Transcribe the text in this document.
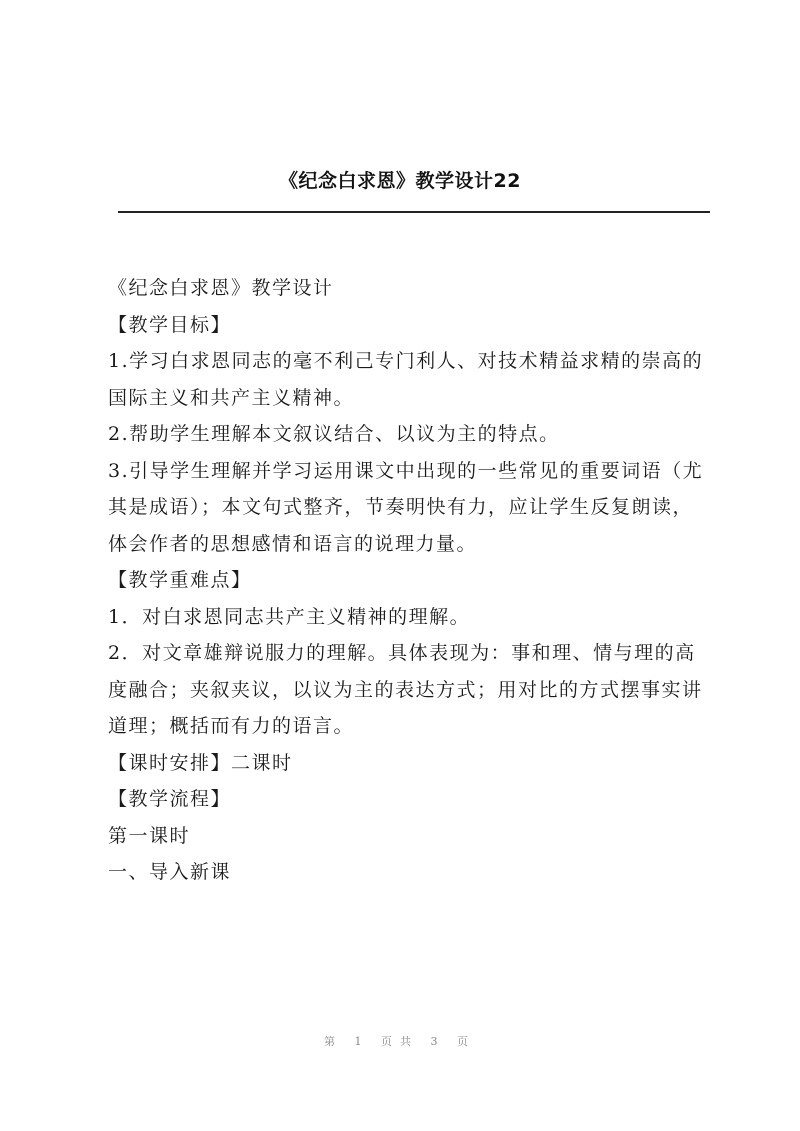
《纪念白求恩》教学设计22

《纪念白求恩》教学设计

【教学目标】

1.学习白求恩同志的毫不利己专门利人、对技术精益求精的崇高的国际主义和共产主义精神。

2.帮助学生理解本文叙议结合、以议为主的特点。

3.引导学生理解并学习运用课文中出现的一些常见的重要词语（尤其是成语）；本文句式整齐，节奏明快有力，应让学生反复朗读，体会作者的思想感情和语言的说理力量。

【教学重难点】

1．对白求恩同志共产主义精神的理解。

2．对文章雄辩说服力的理解。具体表现为：事和理、情与理的高度融合；夹叙夹议，以议为主的表达方式；用对比的方式摆事实讲道理；概括而有力的语言。

【课时安排】二课时

【教学流程】

第一课时

一、导入新课

第 1 页共 3 页
